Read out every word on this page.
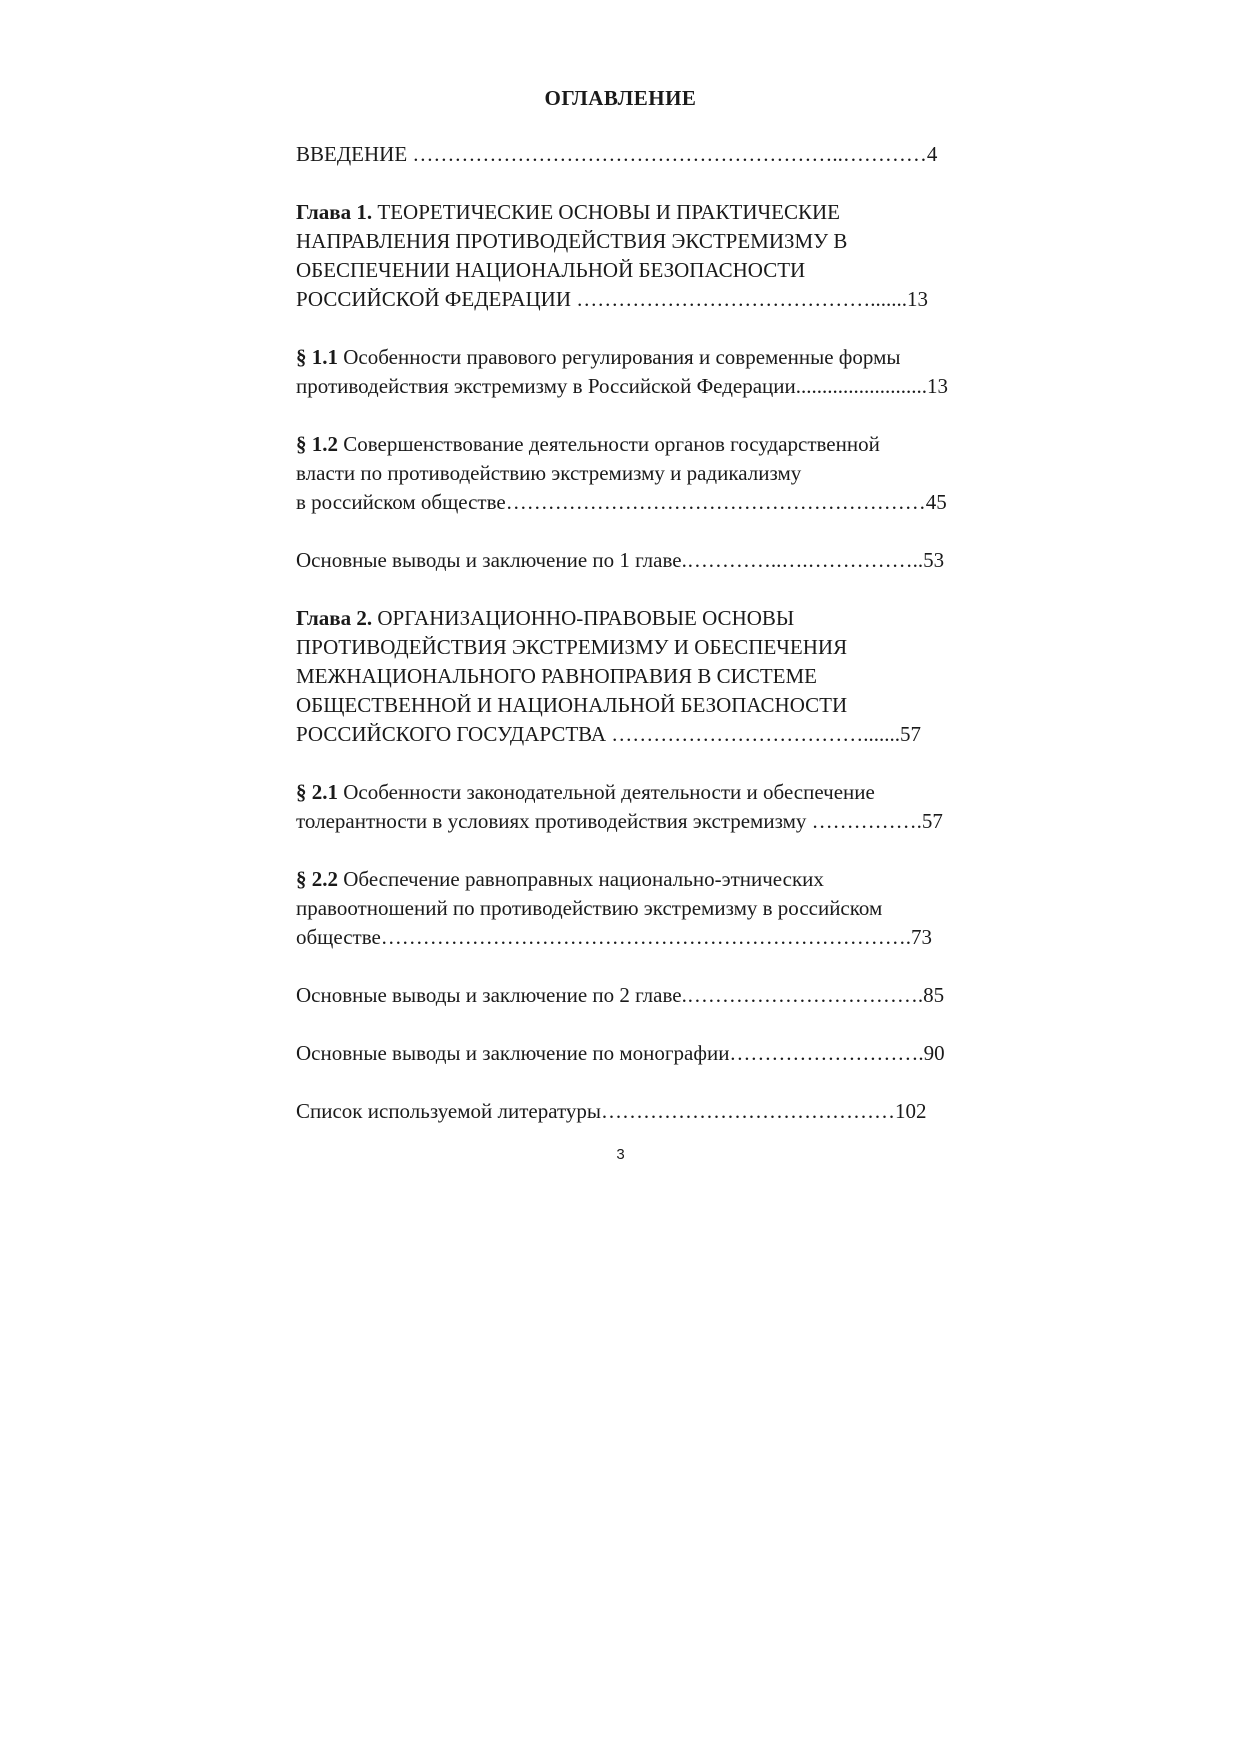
ОГЛАВЛЕНИЕ

ВВЕДЕНИЕ ……………………………………………………..…………4

Глава 1. ТЕОРЕТИЧЕСКИЕ ОСНОВЫ И ПРАКТИЧЕСКИЕ
НАПРАВЛЕНИЯ ПРОТИВОДЕЙСТВИЯ ЭКСТРЕМИЗМУ В
ОБЕСПЕЧЕНИИ НАЦИОНАЛЬНОЙ БЕЗОПАСНОСТИ
РОССИЙСКОЙ ФЕДЕРАЦИИ …………………………………….......13

§ 1.1 Особенности правового регулирования и современные формы
противодействия экстремизму в Российской Федерации.........................13

§ 1.2 Совершенствование деятельности органов государственной
власти по противодействию экстремизму и радикализму
в российском обществе……………………………………………………45

Основные выводы и заключение по 1 главе.…………..….……………..53

Глава 2. ОРГАНИЗАЦИОННО-ПРАВОВЫЕ ОСНОВЫ
ПРОТИВОДЕЙСТВИЯ ЭКСТРЕМИЗМУ И ОБЕСПЕЧЕНИЯ
МЕЖНАЦИОНАЛЬНОГО РАВНОПРАВИЯ В СИСТЕМЕ
ОБЩЕСТВЕННОЙ И НАЦИОНАЛЬНОЙ БЕЗОПАСНОСТИ
РОССИЙСКОГО ГОСУДАРСТВА ……………………………….......57

§ 2.1 Особенности законодательной деятельности и обеспечение
толерантности в условиях противодействия экстремизму …………….57

§ 2.2 Обеспечение равноправных национально-этнических
правоотношений по противодействию экстремизму в российском
обществе………………………………………………………………….73

Основные выводы и заключение по 2 главе.…………………………….85

Основные выводы и заключение по монографии……………………….90

Список используемой литературы……………………………………102

3
